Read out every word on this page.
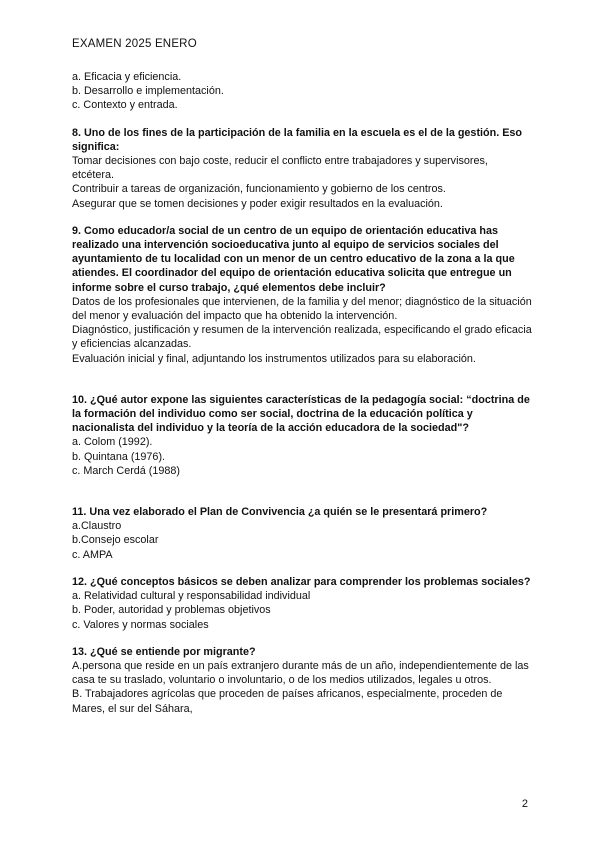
EXAMEN 2025 ENERO
a. Eficacia y eficiencia.
b. Desarrollo e implementación.
c. Contexto y entrada.
8. Uno de los fines de la participación de la familia en la escuela es el de la gestión. Eso significa:
Tomar decisiones con bajo coste, reducir el conflicto entre trabajadores y supervisores, etcétera.
Contribuir a tareas de organización, funcionamiento y gobierno de los centros.
Asegurar que se tomen decisiones y poder exigir resultados en la evaluación.
9. Como educador/a social de un centro de un equipo de orientación educativa has realizado una intervención socioeducativa junto al equipo de servicios sociales del ayuntamiento de tu localidad con un menor de un centro educativo de la zona a la que atiendes. El coordinador del equipo de orientación educativa solicita que entregue un informe sobre el curso trabajo, ¿qué elementos debe incluir?
Datos de los profesionales que intervienen, de la familia y del menor; diagnóstico de la situación del menor y evaluación del impacto que ha obtenido la intervención.
Diagnóstico, justificación y resumen de la intervención realizada, especificando el grado eficacia y eficiencias alcanzadas.
Evaluación inicial y final, adjuntando los instrumentos utilizados para su elaboración.
10. ¿Qué autor expone las siguientes características de la pedagogía social: “doctrina de la formación del individuo como ser social, doctrina de la educación política y nacionalista del individuo y la teoría de la acción educadora de la sociedad"?
a. Colom (1992).
b. Quintana (1976).
c. March Cerdá (1988)
11. Una vez elaborado el Plan de Convivencia ¿a quién se le presentará primero?
a.Claustro
b.Consejo escolar
c. AMPA
12. ¿Qué conceptos básicos se deben analizar para comprender los problemas sociales?
a. Relatividad cultural y responsabilidad individual
b. Poder, autoridad y problemas objetivos
c. Valores y normas sociales
13. ¿Qué se entiende por migrante?
A.persona que reside en un país extranjero durante más de un año, independientemente de las casa te su traslado, voluntario o involuntario, o de los medios utilizados, legales u otros.
B. Trabajadores agrícolas que proceden de países africanos, especialmente, proceden de Mares, el sur del Sáhara,
2
